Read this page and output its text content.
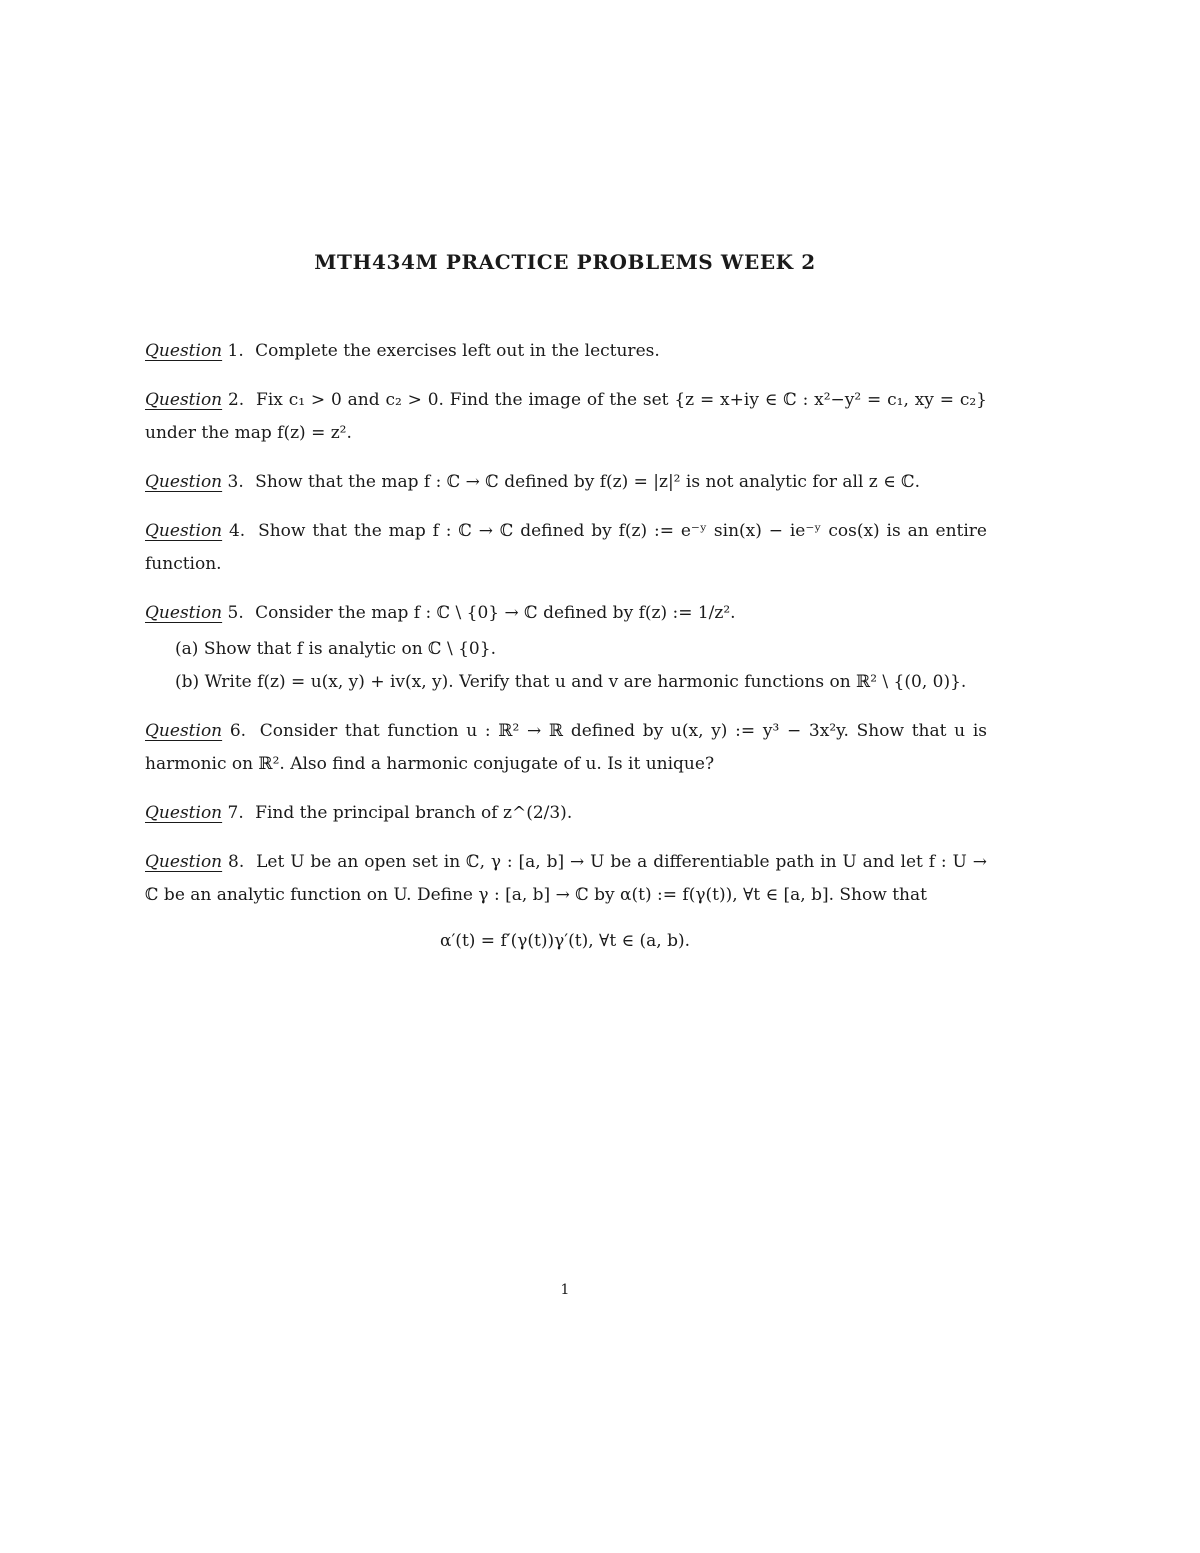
MTH434M PRACTICE PROBLEMS WEEK 2
Question 1. Complete the exercises left out in the lectures.
Question 2. Fix c₁ > 0 and c₂ > 0. Find the image of the set {z = x+iy ∈ ℂ : x²−y² = c₁, xy = c₂} under the map f(z) = z².
Question 3. Show that the map f : ℂ → ℂ defined by f(z) = |z|² is not analytic for all z ∈ ℂ.
Question 4. Show that the map f : ℂ → ℂ defined by f(z) := e⁻ʸ sin(x) − ie⁻ʸ cos(x) is an entire function.
Question 5. Consider the map f : ℂ \ {0} → ℂ defined by f(z) := 1/z².
(a) Show that f is analytic on ℂ \ {0}.
(b) Write f(z) = u(x, y) + iv(x, y). Verify that u and v are harmonic functions on ℝ² \ {(0, 0)}.
Question 6. Consider that function u : ℝ² → ℝ defined by u(x, y) := y³ − 3x²y. Show that u is harmonic on ℝ². Also find a harmonic conjugate of u. Is it unique?
Question 7. Find the principal branch of z^(2/3).
Question 8. Let U be an open set in ℂ, γ : [a, b] → U be a differentiable path in U and let f : U → ℂ be an analytic function on U. Define γ : [a, b] → ℂ by α(t) := f(γ(t)), ∀t ∈ [a, b]. Show that
α′(t) = f′(γ(t))γ′(t), ∀t ∈ (a, b).
1
